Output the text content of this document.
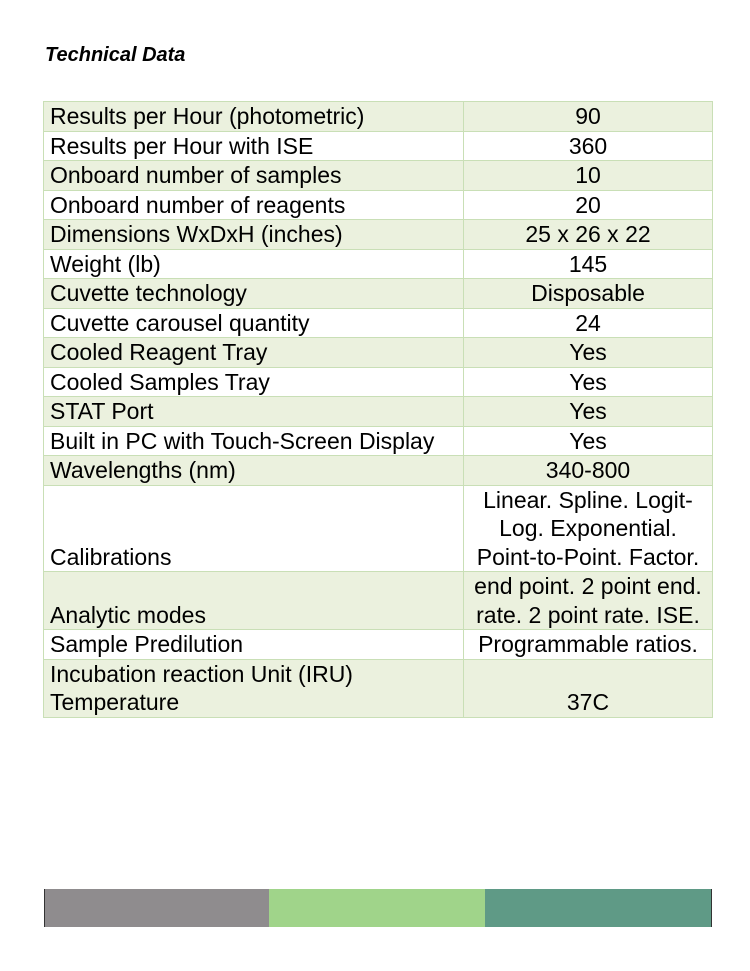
Technical Data
Results per Hour (photometric)	90
Results per Hour with ISE	360
Onboard number of samples	10
Onboard number of reagents	20
Dimensions WxDxH (inches)	25 x 26 x 22
Weight (lb)	145
Cuvette technology	Disposable
Cuvette carousel quantity	24
Cooled Reagent Tray	Yes
Cooled Samples Tray	Yes
STAT Port	Yes
Built in PC with Touch-Screen Display	Yes
Wavelengths (nm)	340-800
Calibrations	Linear. Spline. Logit-Log. Exponential. Point-to-Point. Factor.
Analytic modes	end point. 2 point end. rate. 2 point rate. ISE.
Sample Predilution	Programmable ratios.
Incubation reaction Unit (IRU) Temperature	37C
